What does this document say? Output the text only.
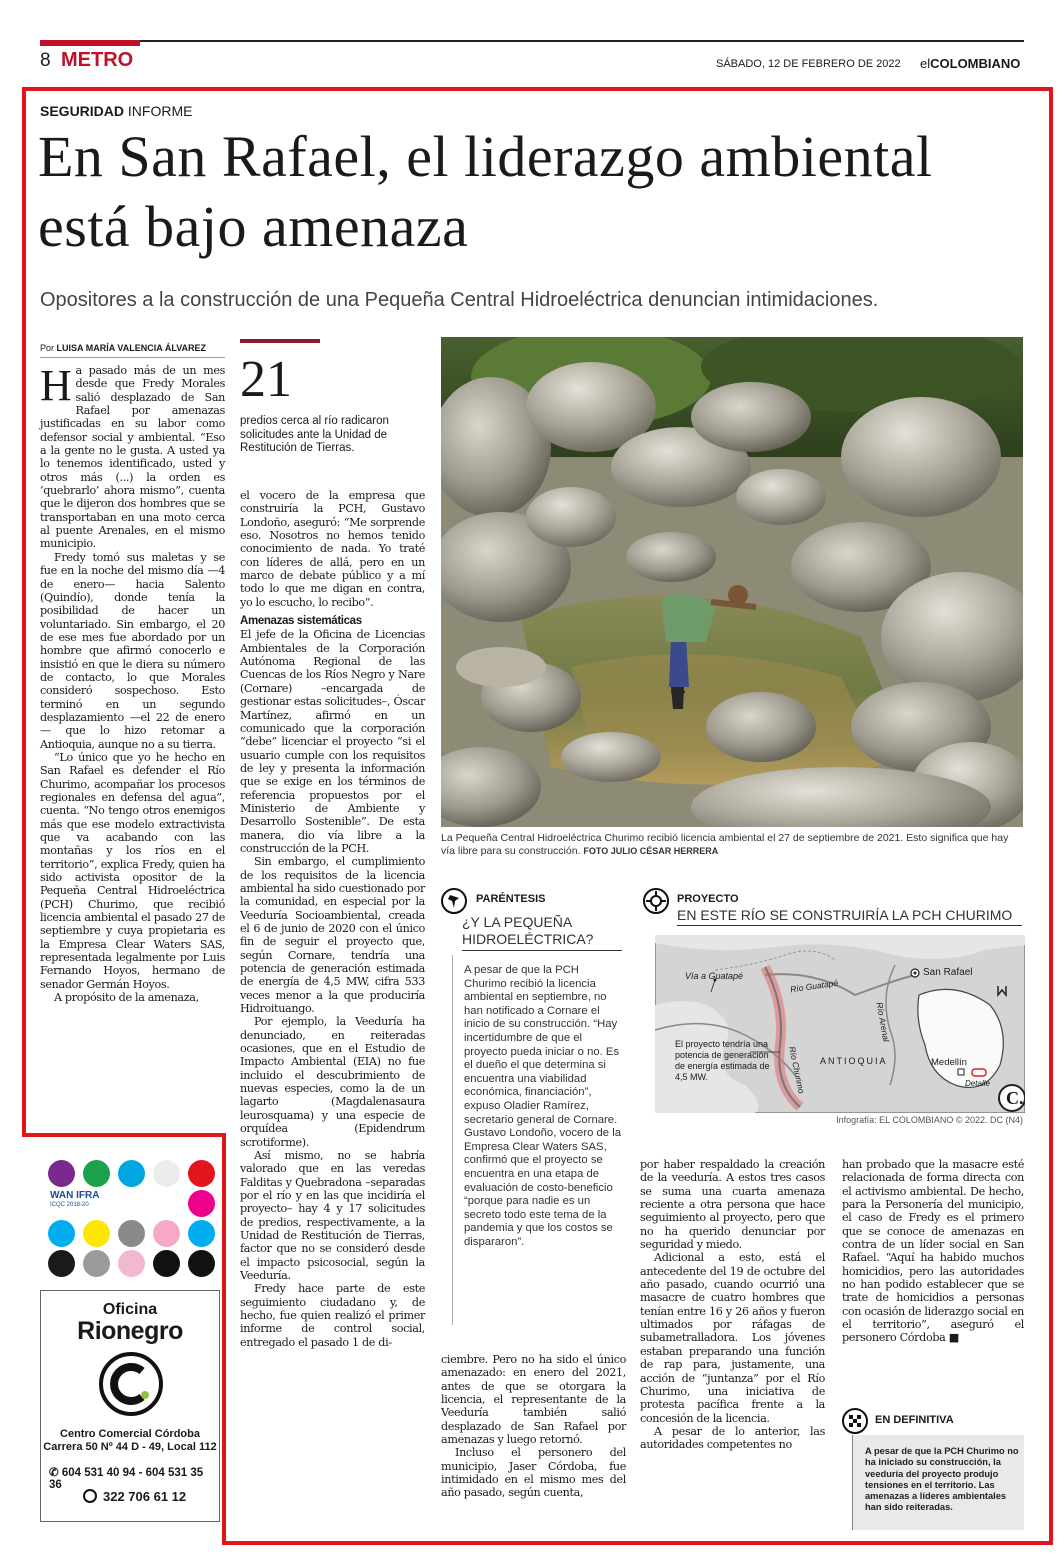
8 METRO	SÁBADO, 12 DE FEBRERO DE 2022 elCOLOMBIANO
SEGURIDAD INFORME
En San Rafael, el liderazgo ambiental está bajo amenaza
Opositores a la construcción de una Pequeña Central Hidroeléctrica denuncian intimidaciones.
Por LUISA MARÍA VALENCIA ÁLVAREZ

Ha pasado más de un mes desde que Fredy Morales salió desplazado de San Rafael por amenazas justificadas en su labor como defensor social y ambiental. “Eso a la gente no le gusta. A usted ya lo tenemos identificado, usted y otros más (...) la orden es ‘quebrarlo’ ahora mismo”, cuenta que le dijeron dos hombres que se transportaban en una moto cerca al puente Arenales, en el mismo municipio.

Fredy tomó sus maletas y se fue en la noche del mismo día —4 de enero— hacia Salento (Quindío), donde tenía la posibilidad de hacer un voluntariado. Sin embargo, el 20 de ese mes fue abordado por un hombre que afirmó conocerlo e insistió en que le diera su número de contacto, lo que Morales consideró sospechoso. Esto terminó en un segundo desplazamiento —el 22 de enero— que lo hizo retomar a Antioquia, aunque no a su tierra.

“Lo único que yo he hecho en San Rafael es defender el Río Churimo, acompañar los procesos regionales en defensa del agua”, cuenta. “No tengo otros enemigos más que ese modelo extractivista que va acabando con las montañas y los ríos en el territorio”, explica Fredy, quien ha sido activista opositor de la Pequeña Central Hidroeléctrica (PCH) Churimo, que recibió licencia ambiental el pasado 27 de septiembre y cuya propietaria es la Empresa Clear Waters SAS, representada legalmente por Luis Fernando Hoyos, hermano de senador Germán Hoyos.

A propósito de la amenaza,

21
predios cerca al río radicaron solicitudes ante la Unidad de Restitución de Tierras.

el vocero de la empresa que construiría la PCH, Gustavo Londoño, aseguró: “Me sorprende eso. Nosotros no hemos tenido conocimiento de nada. Yo traté con líderes de allá, pero en un marco de debate público y a mí todo lo que me digan en contra, yo lo escucho, lo recibo”.

Amenazas sistemáticas

El jefe de la Oficina de Licencias Ambientales de la Corporación Autónoma Regional de las Cuencas de los Ríos Negro y Nare (Cornare) –encargada de gestionar estas solicitudes–, Óscar Martínez, afirmó en un comunicado que la corporación “debe” licenciar el proyecto “si el usuario cumple con los requisitos de ley y presenta la información que se exige en los términos de referencia propuestos por el Ministerio de Ambiente y Desarrollo Sostenible”. De esta manera, dio vía libre a la construcción de la PCH.

Sin embargo, el cumplimiento de los requisitos de la licencia ambiental ha sido cuestionado por la comunidad, en especial por la Veeduría Socioambiental, creada el 6 de junio de 2020 con el único fin de seguir el proyecto que, según Cornare, tendría una potencia de generación estimada de energía de 4,5 MW, cifra 533 veces menor a la que produciría Hidroituango.

Por ejemplo, la Veeduría ha denunciado, en reiteradas ocasiones, que en el Estudio de Impacto Ambiental (EIA) no fue incluido el descubrimiento de nuevas especies, como la de un lagarto (Magdalenasaura leurosquama) y una especie de orquídea (Epidendrum scrotiforme).

Así mismo, no se habría valorado que en las veredas Falditas y Quebradona –separadas por el río y en las que incidiría el proyecto– hay 4 y 17 solicitudes de predios, respectivamente, a la Unidad de Restitución de Tierras, factor que no se consideró desde el impacto psicosocial, según la Veeduría.

Fredy hace parte de este seguimiento ciudadano y, de hecho, fue quien realizó el primer informe de control social, entregado el pasado 1 de di-

La Pequeña Central Hidroeléctrica Churimo recibió licencia ambiental el 27 de septiembre de 2021. Esto significa que hay vía libre para su construcción. FOTO JULIO CÉSAR HERRERA
PARÉNTESIS
¿Y LA PEQUEÑA HIDROELÉCTRICA?
A pesar de que la PCH Churimo recibió la licencia ambiental en septiembre, no han notificado a Cornare el inicio de su construcción. “Hay incertidumbre de que el proyecto pueda iniciar o no. Es el dueño el que determina si encuentra una viabilidad económica, financiación”, expuso Oladier Ramírez, secretario general de Cornare. Gustavo Londoño, vocero de la Empresa Clear Waters SAS, confirmó que el proyecto se encuentra en una etapa de evaluación de costo-beneficio “porque para nadie es un secreto todo este tema de la pandemia y que los costos se dispararon”.
PROYECTO
EN ESTE RÍO SE CONSTRUIRÍA LA PCH CHURIMO
Vía a Guatapé	San Rafael
Río Guatapé
Río Arenal
Río Churimo ANTIOQUIA	Medellín
Detalle
El proyecto tendría una potencia de generación de energía estimada de 4,5 MW.
C.
Infografía: EL COLOMBIANO © 2022. DC (N4)

ciembre. Pero no ha sido el único amenazado: en enero del 2021, antes de que se otorgara la licencia, el representante de la Veeduría también salió desplazado de San Rafael por amenazas y luego retornó.

Incluso el personero del municipio, Jaser Córdoba, fue intimidado en el mismo mes del año pasado, según cuenta,

por haber respaldado la creación de la veeduría. A estos tres casos se suma una cuarta amenaza reciente a otra persona que hace seguimiento al proyecto, pero que no ha querido denunciar por seguridad y miedo.

Adicional a esto, está el antecedente del 19 de octubre del año pasado, cuando ocurrió una masacre de cuatro hombres que tenían entre 16 y 26 años y fueron ultimados por ráfagas de subametralladora. Los jóvenes estaban preparando una función de rap para, justamente, una acción de “juntanza” por el Río Churimo, una iniciativa de protesta pacífica frente a la concesión de la licencia.

A pesar de lo anterior, las autoridades competentes no

han probado que la masacre esté relacionada de forma directa con el activismo ambiental. De hecho, para la Personería del municipio, el caso de Fredy es el primero que se conoce de amenazas en contra de un líder social en San Rafael. “Aquí ha habido muchos homicidios, pero las autoridades no han podido establecer que se trate de homicidios a personas con ocasión de liderazgo social en el territorio”, aseguró el personero Córdoba ■

EN DEFINITIVA
A pesar de que la PCH Churimo no ha iniciado su construcción, la veeduría del proyecto produjo tensiones en el territorio. Las amenazas a líderes ambientales han sido reiteradas.
WAN IFRA
ICQC 2018-20
Oficina
Rionegro
Centro Comercial Córdoba
Carrera 50 Nº 44 D - 49, Local 112
✆ 604 531 40 94 - 604 531 35 36
322 706 61 12
